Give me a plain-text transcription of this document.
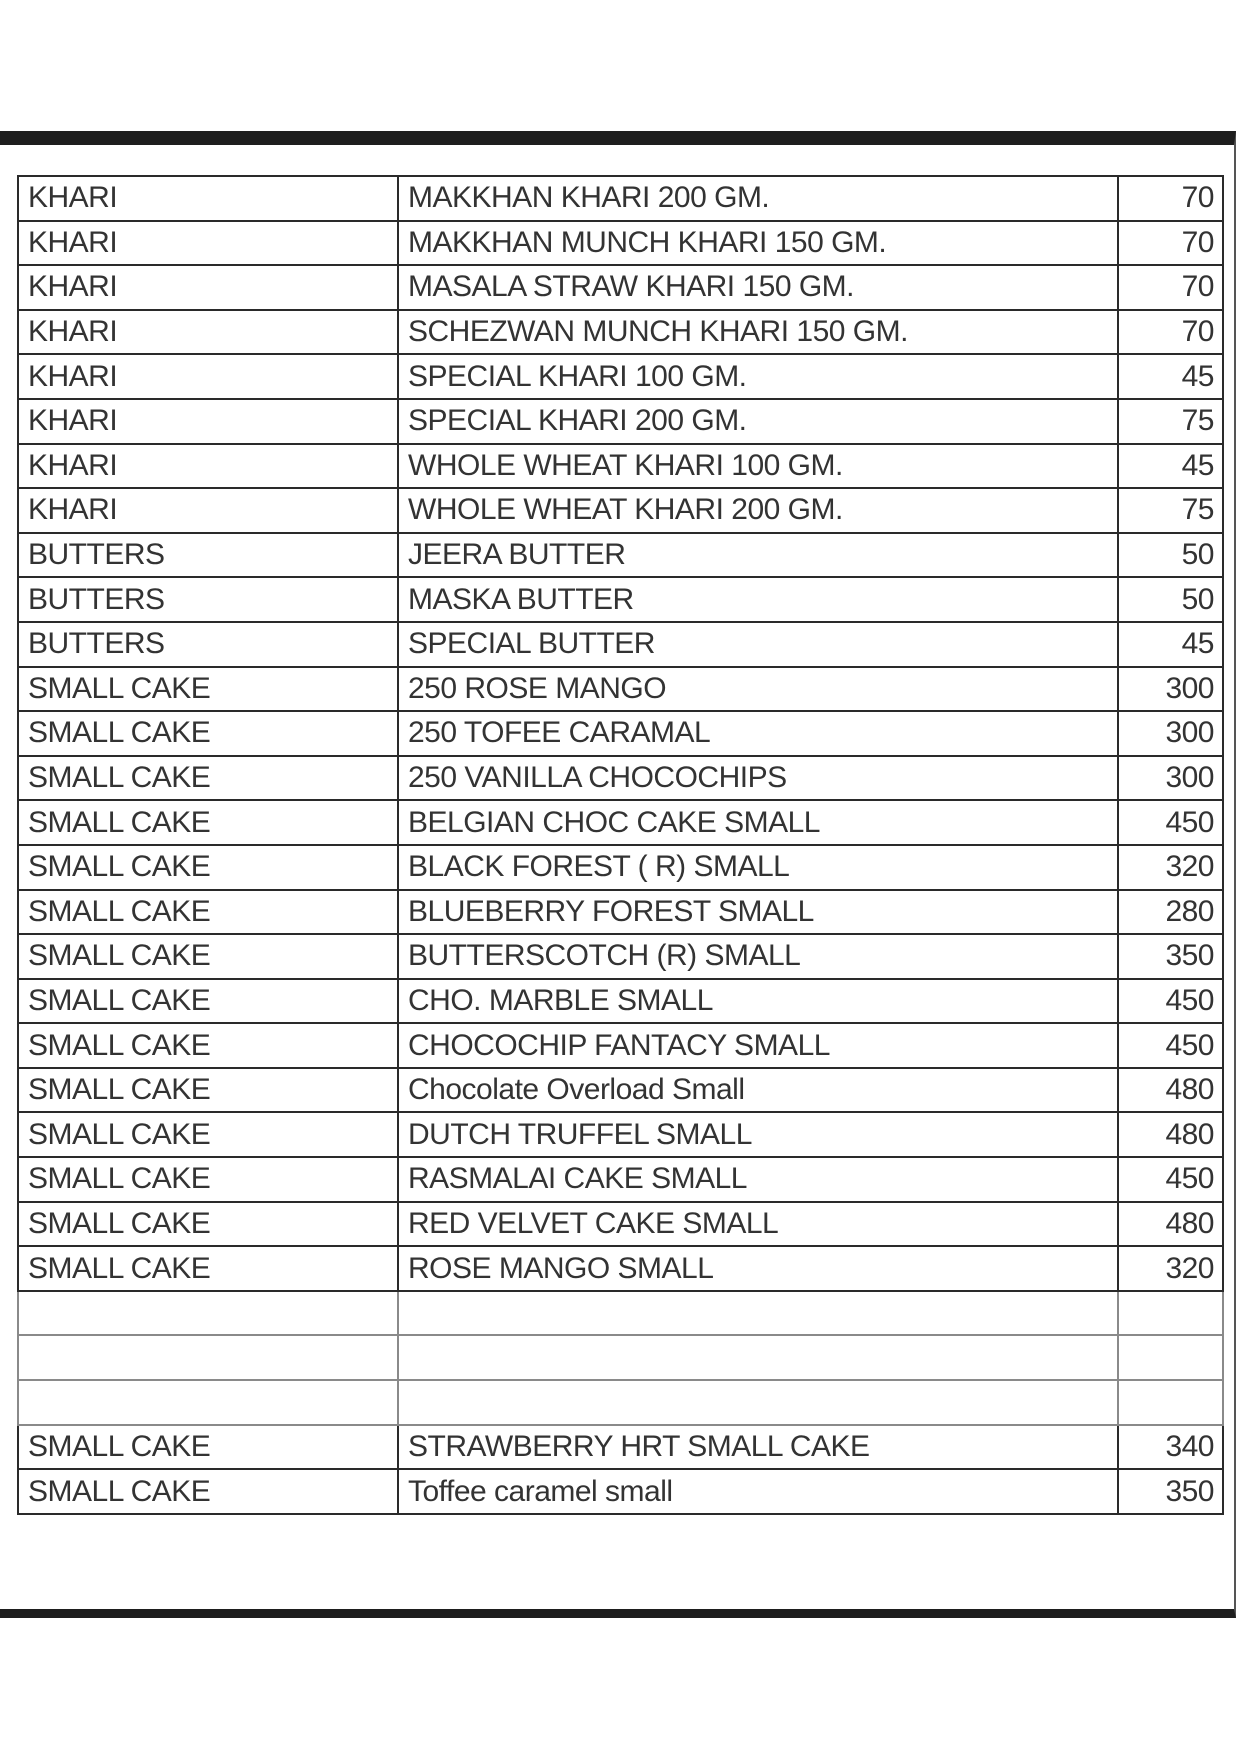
KHARI	MAKKHAN KHARI 200 GM.	70
KHARI	MAKKHAN MUNCH KHARI 150 GM.	70
KHARI	MASALA STRAW KHARI 150 GM.	70
KHARI	SCHEZWAN MUNCH KHARI 150 GM.	70
KHARI	SPECIAL KHARI 100 GM.	45
KHARI	SPECIAL KHARI 200 GM.	75
KHARI	WHOLE WHEAT KHARI 100 GM.	45
KHARI	WHOLE WHEAT KHARI 200 GM.	75
BUTTERS	JEERA BUTTER	50
BUTTERS	MASKA BUTTER	50
BUTTERS	SPECIAL BUTTER	45
SMALL CAKE	250 ROSE MANGO	300
SMALL CAKE	250 TOFEE CARAMAL	300
SMALL CAKE	250 VANILLA CHOCOCHIPS	300
SMALL CAKE	BELGIAN CHOC CAKE SMALL	450
SMALL CAKE	BLACK FOREST ( R) SMALL	320
SMALL CAKE	BLUEBERRY FOREST SMALL	280
SMALL CAKE	BUTTERSCOTCH (R) SMALL	350
SMALL CAKE	CHO. MARBLE SMALL	450
SMALL CAKE	CHOCOCHIP FANTACY SMALL	450
SMALL CAKE	Chocolate Overload Small	480
SMALL CAKE	DUTCH TRUFFEL SMALL	480
SMALL CAKE	RASMALAI CAKE SMALL	450
SMALL CAKE	RED VELVET CAKE SMALL	480
SMALL CAKE	ROSE MANGO SMALL	320

SMALL CAKE	STRAWBERRY HRT SMALL CAKE	340
SMALL CAKE	Toffee caramel small	350
